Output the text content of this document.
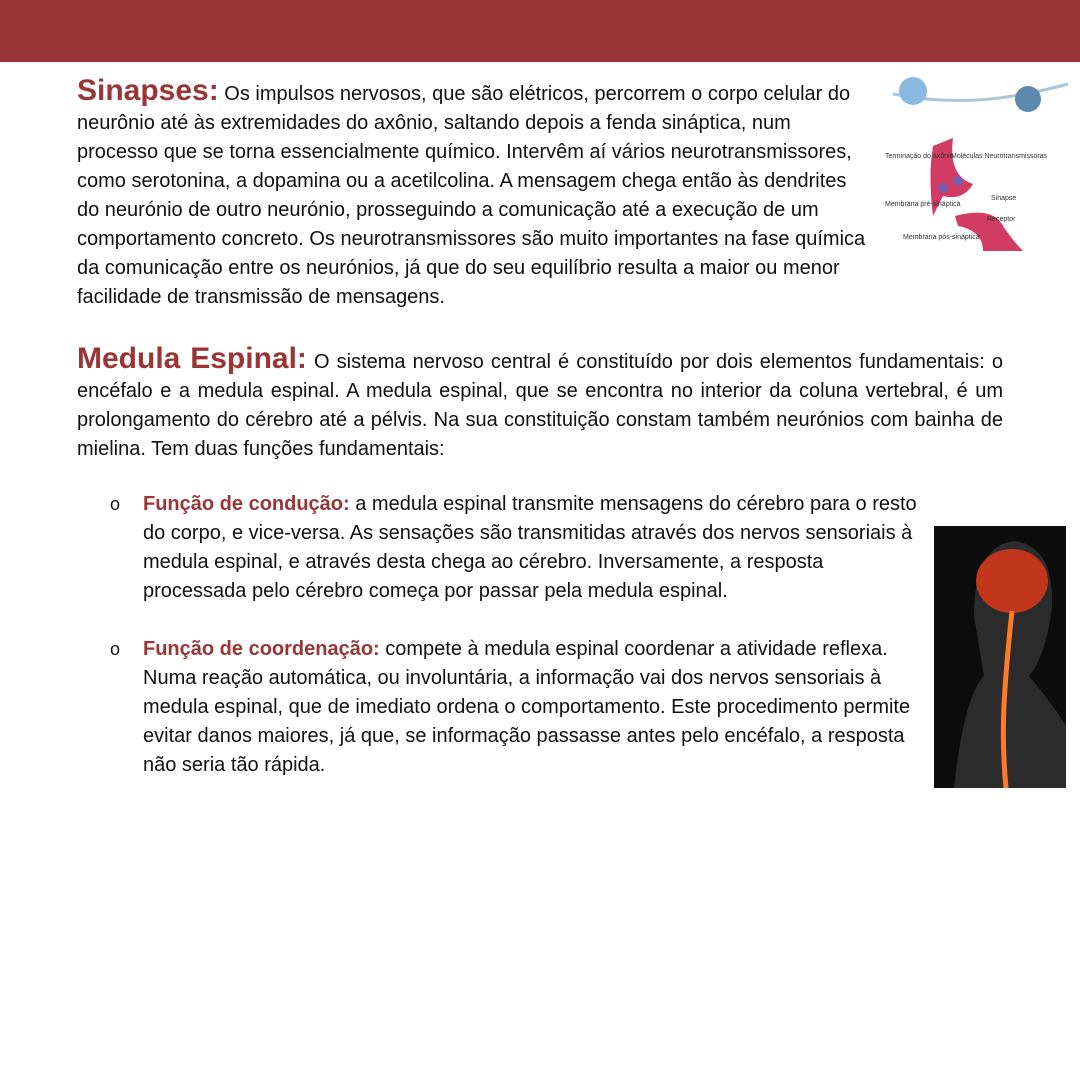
Terminação do axônio
Moléculas Neurotransmissoras
Sinapse
Membrana pré-sináptica
Receptor
Membrana pós-sináptica

Sinapses: Os impulsos nervosos, que são elétricos, percorrem o corpo celular do neurônio até às extremidades do axônio, saltando depois a fenda sináptica, num processo que se torna essencialmente químico. Intervêm aí vários neurotransmissores, como serotonina, a dopamina ou a acetilcolina. A mensagem chega então às dendrites do neurónio de outro neurónio, prosseguindo a comunicação até a execução de um comportamento concreto. Os neurotransmissores são muito importantes na fase química da comunicação entre os neurónios, já que do seu equilíbrio resulta a maior ou menor facilidade de transmissão de mensagens.

Medula Espinal: O sistema nervoso central é constituído por dois elementos fundamentais: o encéfalo e a medula espinal. A medula espinal, que se encontra no interior da coluna vertebral, é um prolongamento do cérebro até a pélvis. Na sua constituição constam também neurónios com bainha de mielina. Tem duas funções fundamentais:

o Função de condução: a medula espinal transmite mensagens do cérebro para o resto do corpo, e vice-versa. As sensações são transmitidas através dos nervos sensoriais à medula espinal, e através desta chega ao cérebro. Inversamente, a resposta processada pelo cérebro começa por passar pela medula espinal.
o Função de coordenação: compete à medula espinal coordenar a atividade reflexa. Numa reação automática, ou involuntária, a informação vai dos nervos sensoriais à medula espinal, que de imediato ordena o comportamento. Este procedimento permite evitar danos maiores, já que, se informação passasse antes pelo encéfalo, a resposta não seria tão rápida.
